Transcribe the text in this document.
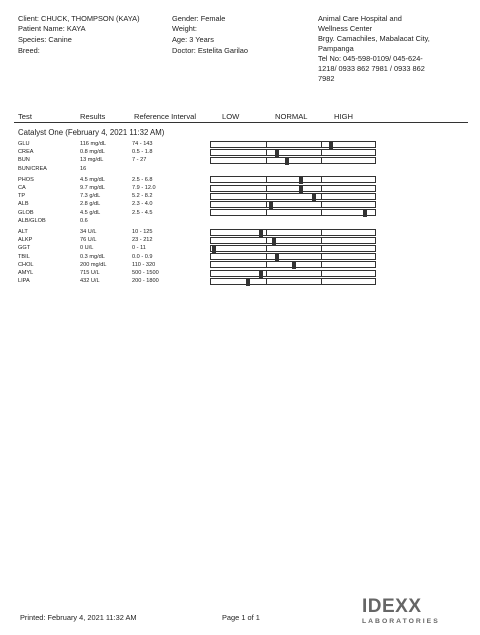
Client: CHUCK, THOMPSON (KAYA)
Patient Name: KAYA
Species: Canine
Breed:
Gender: Female
Weight:
Age: 3 Years
Doctor: Estelita Garilao
Animal Care Hospital and
Wellness Center
Brgy. Camachiles, Mabalacat City,
Pampanga
Tel No: 045-598-0109/ 045-624-
1218/ 0933 862 7981 / 0933 862
7982
Test	Results	Reference Interval	LOW	NORMAL	HIGH
Catalyst One (February 4, 2021 11:32 AM)
GLU	116 mg/dL	74 - 143
CREA	0.8 mg/dL	0.5 - 1.8
BUN	13 mg/dL	7 - 27
BUN/CREA	16
PHOS	4.5 mg/dL	2.5 - 6.8
CA	9.7 mg/dL	7.9 - 12.0
TP	7.3 g/dL	5.2 - 8.2
ALB	2.8 g/dL	2.3 - 4.0
GLOB	4.5 g/dL	2.5 - 4.5
ALB/GLOB	0.6
ALT	34 U/L	10 - 125
ALKP	76 U/L	23 - 212
GGT	0 U/L	0 - 11
TBIL	0.3 mg/dL	0.0 - 0.9
CHOL	200 mg/dL	110 - 320
AMYL	715 U/L	500 - 1500
LIPA	432 U/L	200 - 1800
Printed: February 4, 2021 11:32 AM	Page 1 of 1
IDEXX
LABORATORIES
